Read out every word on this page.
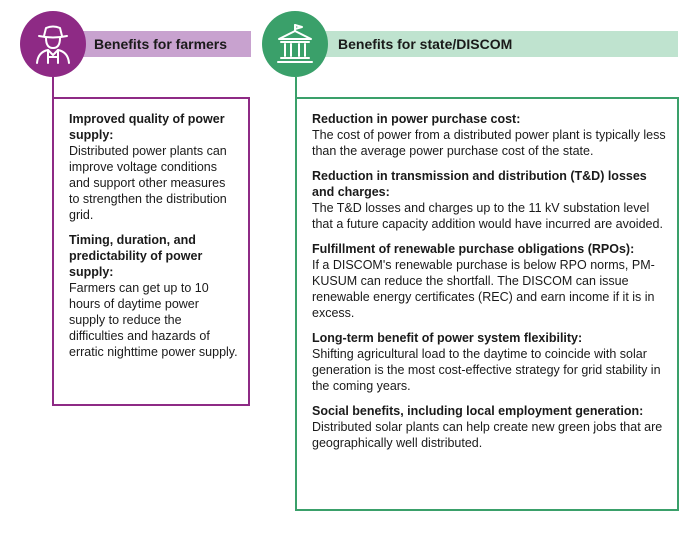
Benefits for farmers
Improved quality of power supply:
Distributed power plants can improve voltage conditions and support other measures to strengthen the distribution grid.
Timing, duration, and predictability of power supply:
Farmers can get up to 10 hours of daytime power supply to reduce the difficulties and hazards of erratic nighttime power supply.
Benefits for state/DISCOM
Reduction in power purchase cost:
The cost of power from a distributed power plant is typically less than the average power purchase cost of the state.
Reduction in transmission and distribution (T&D) losses and charges:
The T&D losses and charges up to the 11 kV substation level that a future capacity addition would have incurred are avoided.
Fulfillment of renewable purchase obligations (RPOs):
If a DISCOM's renewable purchase is below RPO norms, PM-KUSUM can reduce the shortfall. The DISCOM can issue renewable energy certificates (REC) and earn income if it is in excess.
Long-term benefit of power system flexibility:
Shifting agricultural load to the daytime to coincide with solar generation is the most cost-effective strategy for grid stability in the coming years.
Social benefits, including local employment generation:
Distributed solar plants can help create new green jobs that are geographically well distributed.
